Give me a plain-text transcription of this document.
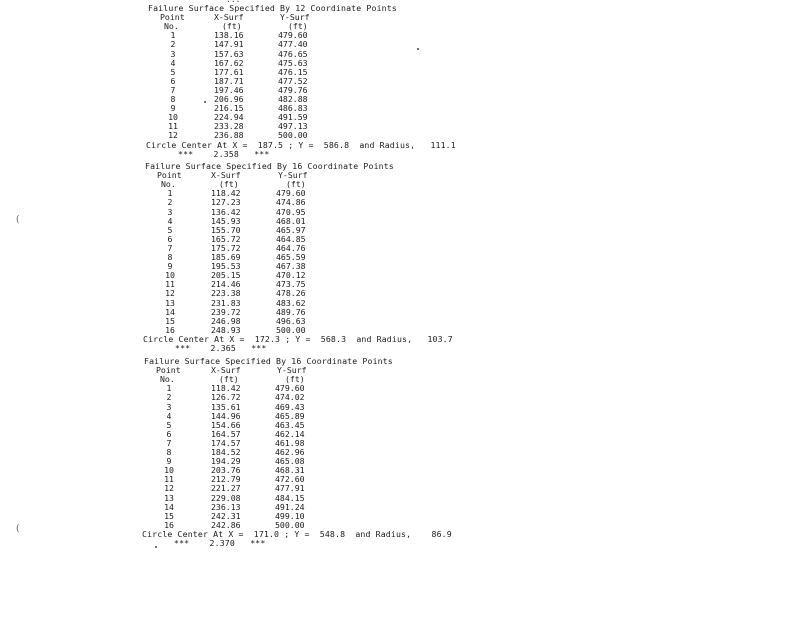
Failure Surface Specified By 12 Coordinate Points
Point	X-Surf	Y-Surf
No.	(ft)	(ft)
1	138.16	479.60
2	147.91	477.40
3	157.63	476.65
4	167.62	475.63
5	177.61	476.15
6	187.71	477.52
7	197.46	479.76
8	206.96	482.88
9	216.15	486.83
10	224.94	491.59
11	233.28	497.13
12	236.88	500.00
Circle Center At X =  187.5 ; Y =  586.8  and Radius,   111.1
***    2.358   ***
Failure Surface Specified By 16 Coordinate Points
Point	X-Surf	Y-Surf
No.	(ft)	(ft)
1	118.42	479.60
2	127.23	474.86
3	136.42	470.95
4	145.93	468.01
5	155.70	465.97
6	165.72	464.85
7	175.72	464.76
8	185.69	465.59
9	195.53	467.38
10	205.15	470.12
11	214.46	473.75
12	223.38	478.26
13	231.83	483.62
14	239.72	489.76
15	246.98	496.63
16	248.93	500.00
Circle Center At X =  172.3 ; Y =  568.3  and Radius,   103.7
***    2.365   ***
Failure Surface Specified By 16 Coordinate Points
Point	X-Surf	Y-Surf
No.	(ft)	(ft)
1	118.42	479.60
2	126.72	474.02
3	135.61	469.43
4	144.96	465.89
5	154.66	463.45
6	164.57	462.14
7	174.57	461.98
8	184.52	462.96
9	194.29	465.08
10	203.76	468.31
11	212.79	472.60
12	221.27	477.91
13	229.08	484.15
14	236.13	491.24
15	242.31	499.10
16	242.86	500.00
Circle Center At X =  171.0 ; Y =  548.8  and Radius,    86.9
***    2.370   ***
(
(
